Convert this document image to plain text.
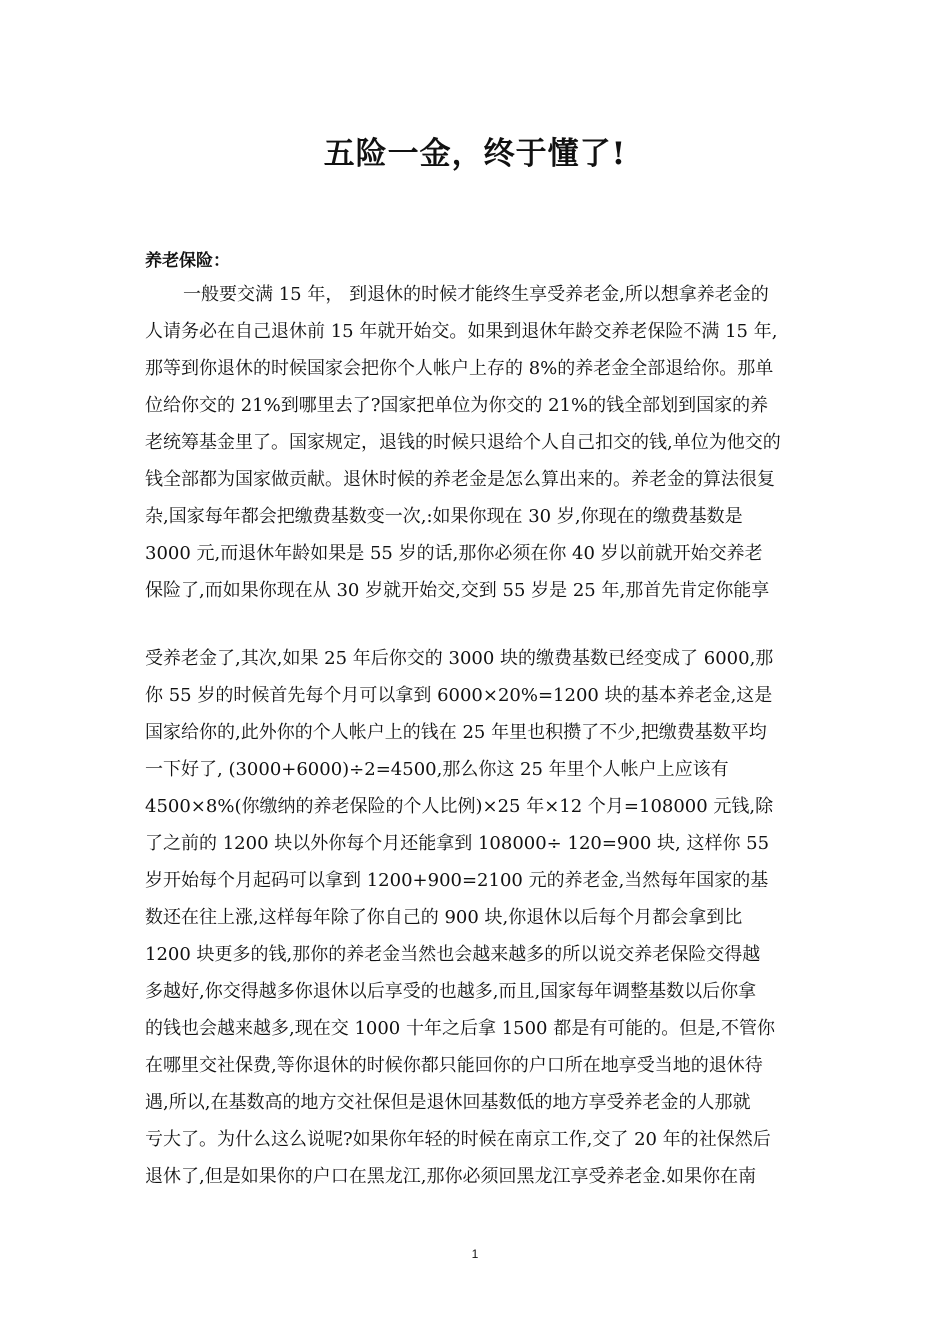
五险一金，终于懂了!
养老保险：
一般要交满 15 年， 到退休的时候才能终生享受养老金,所以想拿养老金的
人请务必在自己退休前 15 年就开始交。如果到退休年龄交养老保险不满 15 年,
那等到你退休的时候国家会把你个人帐户上存的 8%的养老金全部退给你。那单
位给你交的 21%到哪里去了?国家把单位为你交的 21%的钱全部划到国家的养
老统筹基金里了。国家规定，退钱的时候只退给个人自己扣交的钱,单位为他交的
钱全部都为国家做贡献。退休时候的养老金是怎么算出来的。养老金的算法很复
杂,国家每年都会把缴费基数变一次,:如果你现在 30 岁,你现在的缴费基数是
3000 元,而退休年龄如果是 55 岁的话,那你必须在你 40 岁以前就开始交养老
保险了,而如果你现在从 30 岁就开始交,交到 55 岁是 25 年,那首先肯定你能享
受养老金了,其次,如果 25 年后你交的 3000 块的缴费基数已经变成了 6000,那
你 55 岁的时候首先每个月可以拿到 6000×20%=1200 块的基本养老金,这是
国家给你的,此外你的个人帐户上的钱在 25 年里也积攒了不少,把缴费基数平均
一下好了, (3000+6000)÷2=4500,那么你这 25 年里个人帐户上应该有
4500×8%(你缴纳的养老保险的个人比例)×25 年×12 个月=108000 元钱,除
了之前的 1200 块以外你每个月还能拿到 108000÷ 120=900 块, 这样你 55
岁开始每个月起码可以拿到 1200+900=2100 元的养老金,当然每年国家的基
数还在往上涨,这样每年除了你自己的 900 块,你退休以后每个月都会拿到比
1200 块更多的钱,那你的养老金当然也会越来越多的所以说交养老保险交得越
多越好,你交得越多你退休以后享受的也越多,而且,国家每年调整基数以后你拿
的钱也会越来越多,现在交 1000 十年之后拿 1500 都是有可能的。但是,不管你
在哪里交社保费,等你退休的时候你都只能回你的户口所在地享受当地的退休待
遇,所以,在基数高的地方交社保但是退休回基数低的地方享受养老金的人那就
亏大了。为什么这么说呢?如果你年轻的时候在南京工作,交了 20 年的社保然后
退休了,但是如果你的户口在黑龙江,那你必须回黑龙江享受养老金.如果你在南
1
